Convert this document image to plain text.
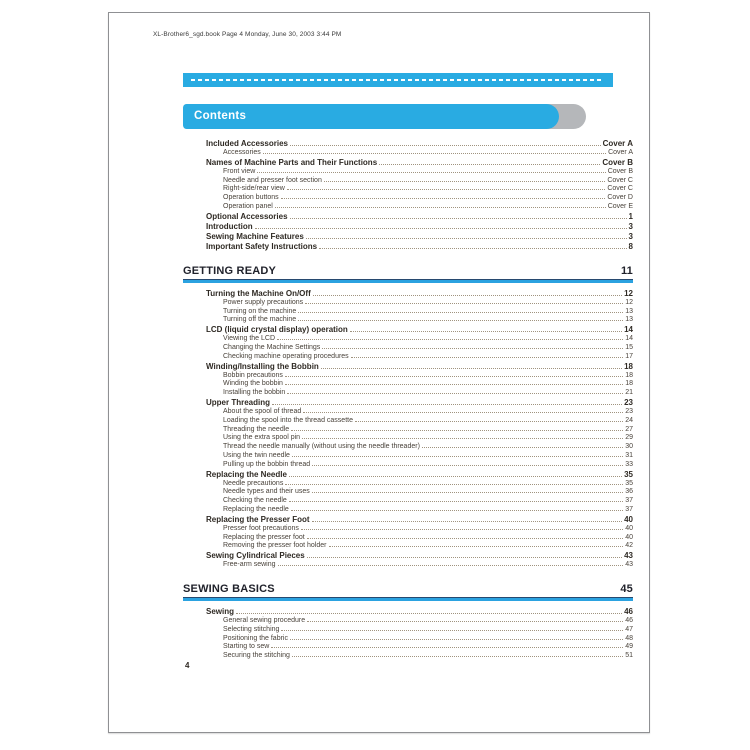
XL-Brother6_sgd.book Page 4 Monday, June 30, 2003 3:44 PM
Contents
Included Accessories	Cover A
Accessories	Cover A
Names of Machine Parts and Their Functions	Cover B
Front view	Cover B
Needle and presser foot section	Cover C
Right-side/rear view	Cover C
Operation buttons	Cover D
Operation panel	Cover E
Optional Accessories	1
Introduction	3
Sewing Machine Features	3
Important Safety Instructions	8
GETTING READY	11
Turning the Machine On/Off	12
Power supply precautions	12
Turning on the machine	13
Turning off the machine	13
LCD (liquid crystal display) operation	14
Viewing the LCD	14
Changing the Machine Settings	15
Checking machine operating procedures	17
Winding/Installing the Bobbin	18
Bobbin precautions	18
Winding the bobbin	18
Installing the bobbin	21
Upper Threading	23
About the spool of thread	23
Loading the spool into the thread cassette	24
Threading the needle	27
Using the extra spool pin	29
Thread the needle manually (without using the needle threader)	30
Using the twin needle	31
Pulling up the bobbin thread	33
Replacing the Needle	35
Needle precautions	35
Needle types and their uses	36
Checking the needle	37
Replacing the needle	37
Replacing the Presser Foot	40
Presser foot precautions	40
Replacing the presser foot	40
Removing the presser foot holder	42
Sewing Cylindrical Pieces	43
Free-arm sewing	43
SEWING BASICS	45
Sewing	46
General sewing procedure	46
Selecting stitching	47
Positioning the fabric	48
Starting to sew	49
Securing the stitching	51
4
